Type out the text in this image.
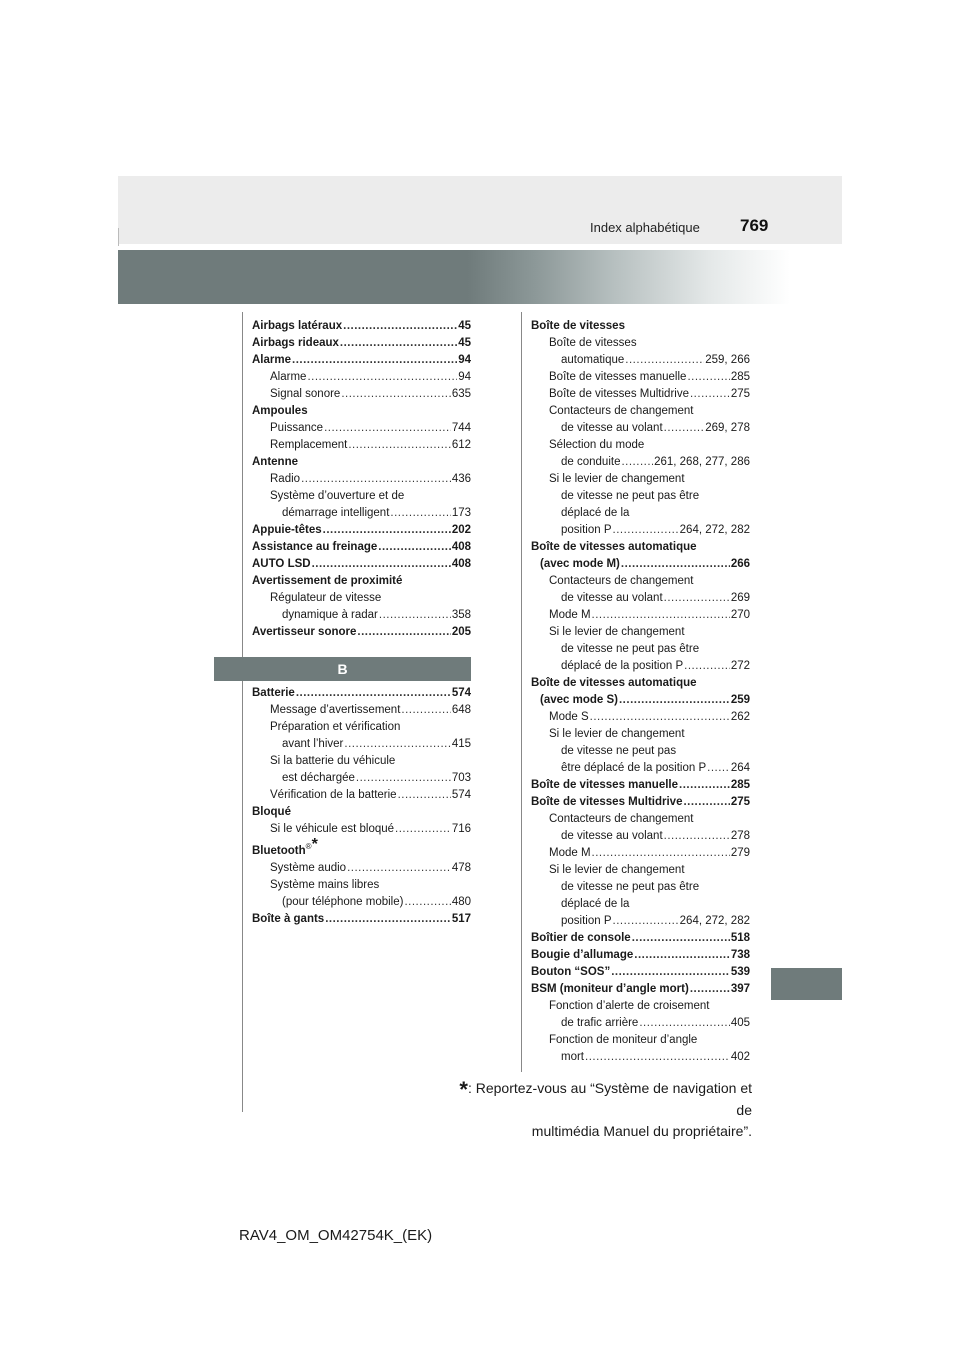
Index alphabétique 769
Airbags latéraux .....	45
Airbags rideaux .....	45
Alarme .....	94
Alarme .....	94
Signal sonore .....	635
Ampoules
Puissance .....	744
Remplacement .....	612
Antenne
Radio .....	436
Système d’ouverture et de
démarrage intelligent .....	173
Appuie-têtes .....	202
Assistance au freinage .....	408
AUTO LSD .....	408
Avertissement de proximité
Régulateur de vitesse
dynamique à radar .....	358
Avertisseur sonore .....	205
B
Batterie .....	574
Message d’avertissement .....	648
Préparation et vérification
avant l’hiver .....	415
Si la batterie du véhicule
est déchargée .....	703
Vérification de la batterie .....	574
Bloqué
Si le véhicule est bloqué .....	716
Bluetooth®*
Système audio .....	478
Système mains libres
(pour téléphone mobile) .....	480
Boîte à gants .....	517
Boîte de vitesses
Boîte de vitesses
automatique .....	259, 266
Boîte de vitesses manuelle .....	285
Boîte de vitesses Multidrive .....	275
Contacteurs de changement
de vitesse au volant .....	269, 278
Sélection du mode
de conduite .....	261, 268, 277, 286
Si le levier de changement
de vitesse ne peut pas être
déplacé de la
position P .....	264, 272, 282
Boîte de vitesses automatique
(avec mode M) .....	266
Contacteurs de changement
de vitesse au volant .....	269
Mode M .....	270
Si le levier de changement
de vitesse ne peut pas être
déplacé de la position P .....	272
Boîte de vitesses automatique
(avec mode S) .....	259
Mode S .....	262
Si le levier de changement
de vitesse ne peut pas
être déplacé de la position P ..... 264
Boîte de vitesses manuelle .....	285
Boîte de vitesses Multidrive .....	275
Contacteurs de changement
de vitesse au volant .....	278
Mode M .....	279
Si le levier de changement
de vitesse ne peut pas être
déplacé de la
position P .....	264, 272, 282
Boîtier de console .....	518
Bougie d’allumage .....	738
Bouton “SOS” .....	539
BSM (moniteur d’angle mort) .....	397
Fonction d’alerte de croisement
de trafic arrière .....	405
Fonction de moniteur d’angle
mort .....	402
*: Reportez-vous au “Système de navigation et de
multimédia Manuel du propriétaire”.
RAV4_OM_OM42754K_(EK)
